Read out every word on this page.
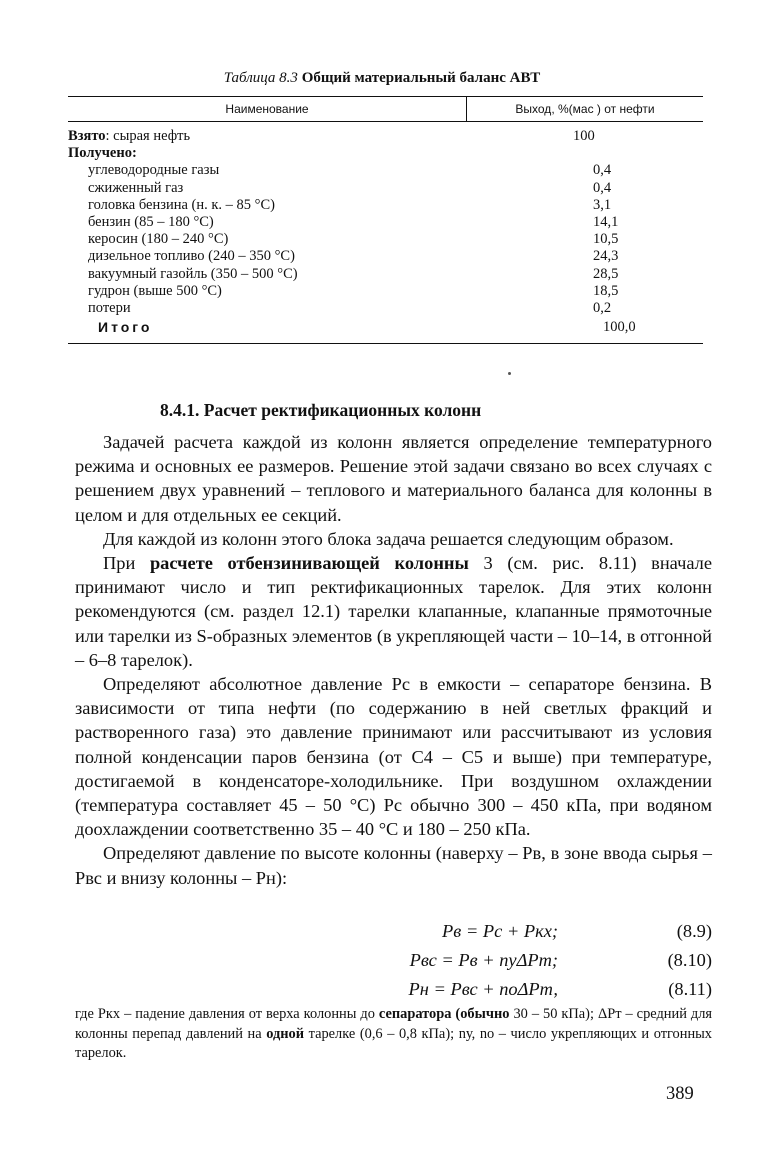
Таблица 8.3 Общий материальный баланс АВТ
Наименование	Выход, %(мас ) от нефти
Взято: сырая нефть	100
Получено:
углеводородные газы	0,4
сжиженный газ	0,4
головка бензина (н. к. – 85 °С)	3,1
бензин (85 – 180 °С)	14,1
керосин (180 – 240 °С)	10,5
дизельное топливо (240 – 350 °С)	24,3
вакуумный газойль (350 – 500 °С)	28,5
гудрон (выше 500 °С)	18,5
потери	0,2
Итого	100,0
8.4.1. Расчет ректификационных колонн

Задачей расчета каждой из колонн является определение температурного режима и основных ее размеров. Решение этой задачи связано во всех случаях с решением двух уравнений – теплового и материального баланса для колонны в целом и для отдельных ее секций.

Для каждой из колонн этого блока задача решается следующим образом.

При расчете отбензинивающей колонны 3 (см. рис. 8.11) вначале принимают число и тип ректификационных тарелок. Для этих колонн рекомендуются (см. раздел 12.1) тарелки клапанные, клапанные прямоточные или тарелки из S-образных элементов (в укрепляющей части – 10–14, в отгонной – 6–8 тарелок).

Определяют абсолютное давление Pс в емкости – сепараторе бензина. В зависимости от типа нефти (по содержанию в ней светлых фракций и растворенного газа) это давление принимают или рассчитывают из условия полной конденсации паров бензина (от C4 – C5 и выше) при температуре, достигаемой в конденсаторе-холодильнике. При воздушном охлаждении (температура составляет 45 – 50 °С) Pс обычно 300 – 450 кПа, при водяном доохлаждении соответственно 35 – 40 °С и 180 – 250 кПа.

Определяют давление по высоте колонны (наверху – Pв, в зоне ввода сырья – Pвс и внизу колонны – Pн):

Pв = Pс + Pкх;	(8.9)
Pвс = Pв + nуΔPт;	(8.10)
Pн = Pвс + nоΔPт,	(8.11)

где Pкх – падение давления от верха колонны до сепаратора (обычно 30 – 50 кПа); ΔPт – средний для колонны перепад давлений на одной тарелке (0,6 – 0,8 кПа); nу, nо – число укрепляющих и отгонных тарелок.

389
